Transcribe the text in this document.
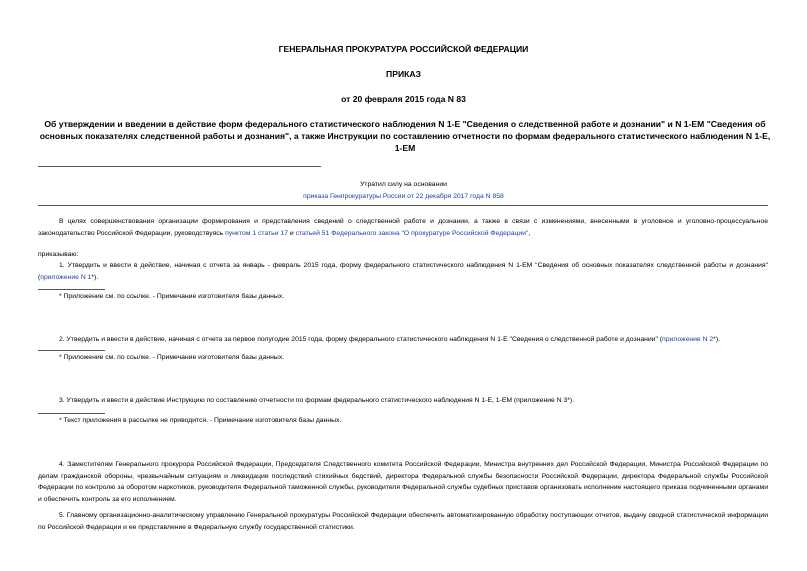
ГЕНЕРАЛЬНАЯ ПРОКУРАТУРА РОССИЙСКОЙ ФЕДЕРАЦИИ
ПРИКАЗ
от 20 февраля 2015 года N 83
Об утверждении и введении в действие форм федерального статистического наблюдения N 1-Е "Сведения о следственной работе и дознании" и N 1-ЕМ "Сведения об основных показателях следственной работы и дознания", а также Инструкции по составлению отчетности по формам федерального статистического наблюдения N 1-Е, 1-ЕМ
Утратил силу на основании
приказа Генпрокуратуры России от 22 декабря 2017 года N 858
В целях совершенствования организации формирования и представления сведений о следственной работе и дознании, а также в связи с изменениями, внесенными в уголовное и уголовно-процессуальное законодательство Российской Федерации, руководствуясь пунктом 1 статьи 17 и статьей 51 Федерального закона "О прокуратуре Российской Федерации",
приказываю:
1. Утвердить и ввести в действие, начиная с отчета за январь - февраль 2015 года, форму федерального статистического наблюдения N 1-ЕМ "Сведения об основных показателях следственной работы и дознания" (приложение N 1*).
* Приложение см. по ссылке. - Примечание изготовителя базы данных.
2. Утвердить и ввести в действие, начиная с отчета за первое полугодие 2015 года, форму федерального статистического наблюдения N 1-Е "Сведения о следственной работе и дознании" (приложение N 2*).
* Приложение см. по ссылке. - Примечание изготовителя базы данных.
3. Утвердить и ввести в действие Инструкцию по составлению отчетности по формам федерального статистического наблюдения N 1-Е, 1-ЕМ (приложение N 3*).
* Текст приложения в рассылке не приводится. - Примечание изготовителя базы данных.
4. Заместителям Генерального прокурора Российской Федерации, Председателя Следственного комитета Российской Федерации, Министра внутренних дел Российской Федерации, Министра Российской Федерации по делам гражданской обороны, чрезвычайным ситуациям и ликвидации последствий стихийных бедствий, директора Федеральной службы безопасности Российской Федерации, директора Федеральной службы Российской Федерации по контролю за оборотом наркотиков, руководителя Федеральной таможенной службы, руководителя Федеральной службы судебных приставов организовать исполнение настоящего приказа подчиненными органами и обеспечить контроль за его исполнением.
5. Главному организационно-аналитическому управлению Генеральной прокуратуры Российской Федерации обеспечить автоматизированную обработку поступающих отчетов, выдачу сводной статистической информации по Российской Федерации и ее представление в Федеральную службу государственной статистики.
